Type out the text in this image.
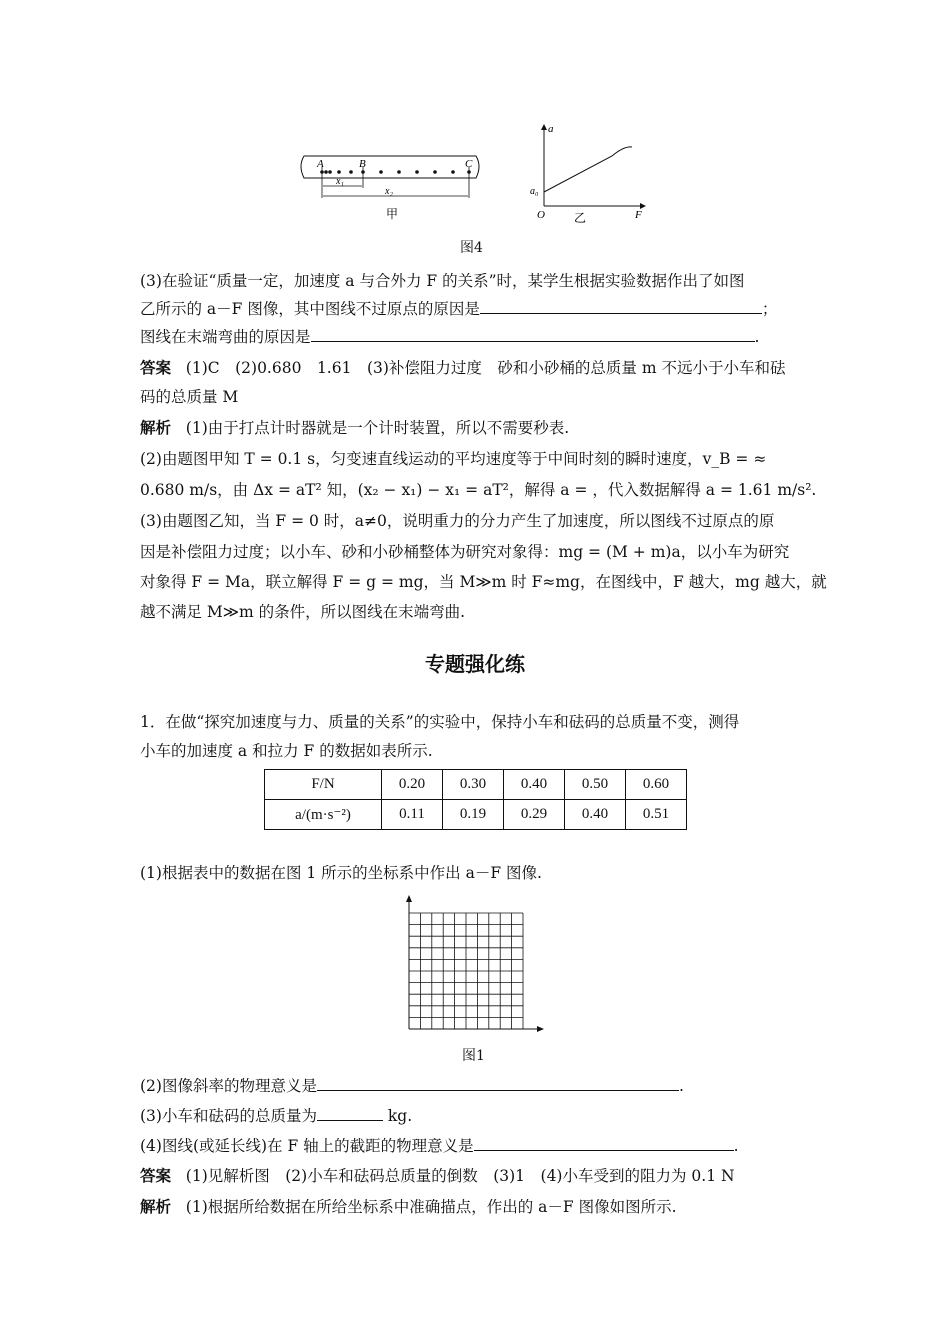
A	B	C
x₁
x₂
甲
a
a₀
O	F
乙
图4
(3)在验证“质量一定，加速度 a 与合外力 F 的关系”时，某学生根据实验数据作出了如图
乙所示的 a－F 图像，其中图线不过原点的原因是	；
图线在末端弯曲的原因是	.
答案 (1)C　(2)0.680　1.61　(3)补偿阻力过度　砂和小砂桶的总质量 m 不远小于小车和砝
码的总质量 M
解析 (1)由于打点计时器就是一个计时装置，所以不需要秒表.
(2)由题图甲知 T = 0.1 s，匀变速直线运动的平均速度等于中间时刻的瞬时速度，v_B = ≈
0.680 m/s，由 Δx = aT² 知，(x₂ − x₁) − x₁ = aT²，解得 a = ，代入数据解得 a = 1.61 m/s².
(3)由题图乙知，当 F = 0 时，a≠0，说明重力的分力产生了加速度，所以图线不过原点的原
因是补偿阻力过度；以小车、砂和小砂桶整体为研究对象得：mg = (M + m)a，以小车为研究
对象得 F = Ma，联立解得 F = g = mg，当 M≫m 时 F≈mg，在图线中，F 越大，mg 越大，就
越不满足 M≫m 的条件，所以图线在末端弯曲.
专题强化练
1．在做“探究加速度与力、质量的关系”的实验中，保持小车和砝码的总质量不变，测得
小车的加速度 a 和拉力 F 的数据如表所示.
F/N	0.20	0.30	0.40	0.50	0.60
a/(m·s⁻²)	0.11	0.19	0.29	0.40	0.51
(1)根据表中的数据在图 1 所示的坐标系中作出 a－F 图像.
图1
(2)图像斜率的物理意义是	.
(3)小车和砝码的总质量为	kg.
(4)图线(或延长线)在 F 轴上的截距的物理意义是	.
答案 (1)见解析图　(2)小车和砝码总质量的倒数　(3)1　(4)小车受到的阻力为 0.1 N
解析 (1)根据所给数据在所给坐标系中准确描点，作出的 a－F 图像如图所示.
